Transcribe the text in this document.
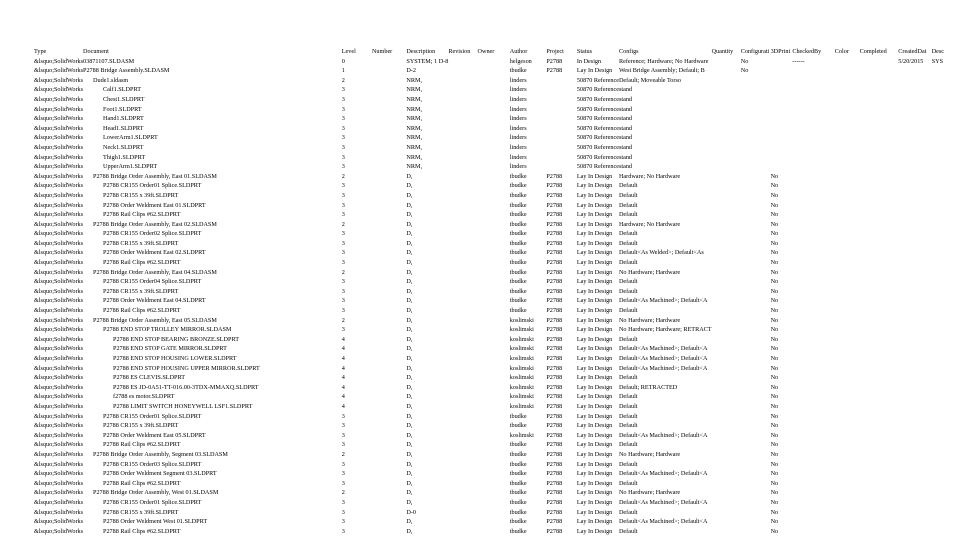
Type	Document	Level	Number	Description	Revision	Owner	Author	Project	Status	Configs	Quantity	Configurati	3DPrint	CheckedBy	Color	Completed	CreatedDat	Desc
&lsquo;SolidWorks	03871107.SLDASM	0		SYSTEM; 1 D-8			helgeson	P2788	In Design	Reference; Hardware; No Hardware		No		------			5/20/2015	SYS
&lsquo;SolidWorks	P2788 Bridge Assembly.SLDASM	1		D-2			tbudke	P2788	Lay In Design	West Bridge Assembly; Default; B		No						
&lsquo;SolidWorks	Dude1.sldasm	2		NRM,			linders		50870 Reference	Default; Moveable Torso								
&lsquo;SolidWorks	Calf1.SLDPRT	3		NRM,			linders		50870 Reference	stand								
&lsquo;SolidWorks	Chest1.SLDPRT	3		NRM,			linders		50870 Reference	stand								
&lsquo;SolidWorks	Foot1.SLDPRT	3		NRM,			linders		50870 Reference	stand								
&lsquo;SolidWorks	Hand1.SLDPRT	3		NRM,			linders		50870 Reference	stand								
&lsquo;SolidWorks	Head1.SLDPRT	3		NRM,			linders		50870 Reference	stand								
&lsquo;SolidWorks	LowerArm1.SLDPRT	3		NRM,			linders		50870 Reference	stand								
&lsquo;SolidWorks	Neck1.SLDPRT	3		NRM,			linders		50870 Reference	stand								
&lsquo;SolidWorks	Thigh1.SLDPRT	3		NRM,			linders		50870 Reference	stand								
&lsquo;SolidWorks	UpperArm1.SLDPRT	3		NRM,			linders		50870 Reference	stand								
&lsquo;SolidWorks	P2788 Bridge Order Assembly, East 01.SLDASM	2		D,			tbudke	P2788	Lay In Design	Hardware; No Hardware			No					
&lsquo;SolidWorks	P2788 CR155 Order01 Splice.SLDPRT	3		D,			tbudke	P2788	Lay In Design	Default			No					
&lsquo;SolidWorks	P2788 CR155 x 39ft.SLDPRT	3		D,			tbudke	P2788	Lay In Design	Default			No					
&lsquo;SolidWorks	P2788 Order Weldment East 01.SLDPRT	3		D,			tbudke	P2788	Lay In Design	Default			No					
&lsquo;SolidWorks	P2788 Rail Clips #62.SLDPRT	3		D,			tbudke	P2788	Lay In Design	Default			No					
&lsquo;SolidWorks	P2788 Bridge Order Assembly, East 02.SLDASM	2		D,			tbudke	P2788	Lay In Design	Hardware; No Hardware			No					
&lsquo;SolidWorks	P2788 CR155 Order02 Splice.SLDPRT	3		D,			tbudke	P2788	Lay In Design	Default			No					
&lsquo;SolidWorks	P2788 CR155 x 39ft.SLDPRT	3		D,			tbudke	P2788	Lay In Design	Default			No					
&lsquo;SolidWorks	P2788 Order Weldment East 02.SLDPRT	3		D,			tbudke	P2788	Lay In Design	Default<As Welded>; Default<As			No					
&lsquo;SolidWorks	P2788 Rail Clips #62.SLDPRT	3		D,			tbudke	P2788	Lay In Design	Default			No					
&lsquo;SolidWorks	P2788 Bridge Order Assembly, East 04.SLDASM	2		D,			tbudke	P2788	Lay In Design	No Hardware; Hardware			No					
&lsquo;SolidWorks	P2788 CR155 Order04 Splice.SLDPRT	3		D,			tbudke	P2788	Lay In Design	Default			No					
&lsquo;SolidWorks	P2788 CR155 x 39ft.SLDPRT	3		D,			tbudke	P2788	Lay In Design	Default			No					
&lsquo;SolidWorks	P2788 Order Weldment East 04.SLDPRT	3		D,			tbudke	P2788	Lay In Design	Default<As Machined>; Default<A			No					
&lsquo;SolidWorks	P2788 Rail Clips #62.SLDPRT	3		D,			tbudke	P2788	Lay In Design	Default			No					
&lsquo;SolidWorks	P2788 Bridge Order Assembly, East 05.SLDASM	2		D,			koslimski	P2788	Lay In Design	No Hardware; Hardware			No					
&lsquo;SolidWorks	P2788 END STOP TROLLEY MIRROR.SLDASM	3		D,			koslimski	P2788	Lay In Design	No Hardware; Hardware; RETRACT			No					
&lsquo;SolidWorks	P2788 END STOP BEARING BRONZE.SLDPRT	4		D,			koslimski	P2788	Lay In Design	Default			No					
&lsquo;SolidWorks	P2788 END STOP GATE MIRROR.SLDPRT	4		D,			koslimski	P2788	Lay In Design	Default<As Machined>; Default<A			No					
&lsquo;SolidWorks	P2788 END STOP HOUSING LOWER.SLDPRT	4		D,			koslimski	P2788	Lay In Design	Default<As Machined>; Default<A			No					
&lsquo;SolidWorks	P2788 END STOP HOUSING UPPER MIRROR.SLDPRT	4		D,			koslimski	P2788	Lay In Design	Default<As Machined>; Default<A			No					
&lsquo;SolidWorks	P2788 ES CLEVIS.SLDPRT	4		D,			koslimski	P2788	Lay In Design	Default			No					
&lsquo;SolidWorks	P2788 ES JD-0A51-TT-016.00-3TDX-MMAXQ.SLDPRT	4		D,			koslimski	P2788	Lay In Design	Default; RETRACTED			No					
&lsquo;SolidWorks	f2788 es motor.SLDPRT	4		D,			koslimski	P2788	Lay In Design	Default			No					
&lsquo;SolidWorks	P2788 LIMIT SWITCH HONEYWELL LSF1.SLDPRT	4		D,			koslimski	P2788	Lay In Design	Default			No					
&lsquo;SolidWorks	P2788 CR155 Order01 Splice.SLDPRT	3		D,			tbudke	P2788	Lay In Design	Default			No					
&lsquo;SolidWorks	P2788 CR155 x 39ft.SLDPRT	3		D,			tbudke	P2788	Lay In Design	Default			No					
&lsquo;SolidWorks	P2788 Order Weldment East 05.SLDPRT	3		D,			koslimski	P2788	Lay In Design	Default<As Machined>; Default<A			No					
&lsquo;SolidWorks	P2788 Rail Clips #62.SLDPRT	3		D,			tbudke	P2788	Lay In Design	Default			No					
&lsquo;SolidWorks	P2788 Bridge Order Assembly, Segment 03.SLDASM	2		D,			tbudke	P2788	Lay In Design	No Hardware; Hardware			No					
&lsquo;SolidWorks	P2788 CR155 Order03 Splice.SLDPRT	3		D,			tbudke	P2788	Lay In Design	Default			No					
&lsquo;SolidWorks	P2788 Order Weldment Segment 03.SLDPRT	3		D,			tbudke	P2788	Lay In Design	Default<As Machined>; Default<A			No					
&lsquo;SolidWorks	P2788 Rail Clips #62.SLDPRT	3		D,			tbudke	P2788	Lay In Design	Default			No					
&lsquo;SolidWorks	P2788 Bridge Order Assembly, West 01.SLDASM	2		D,			tbudke	P2788	Lay In Design	No Hardware; Hardware			No					
&lsquo;SolidWorks	P2788 CR155 Order01 Splice.SLDPRT	3		D,			tbudke	P2788	Lay In Design	Default<As Machined>; Default<A			No					
&lsquo;SolidWorks	P2788 CR155 x 39ft.SLDPRT	3		D-0			tbudke	P2788	Lay In Design	Default			No					
&lsquo;SolidWorks	P2788 Order Weldment West 01.SLDPRT	3		D,			tbudke	P2788	Lay In Design	Default<As Machined>; Default<A			No					
&lsquo;SolidWorks	P2788 Rail Clips #62.SLDPRT	3		D,			tbudke	P2788	Lay In Design	Default			No					
